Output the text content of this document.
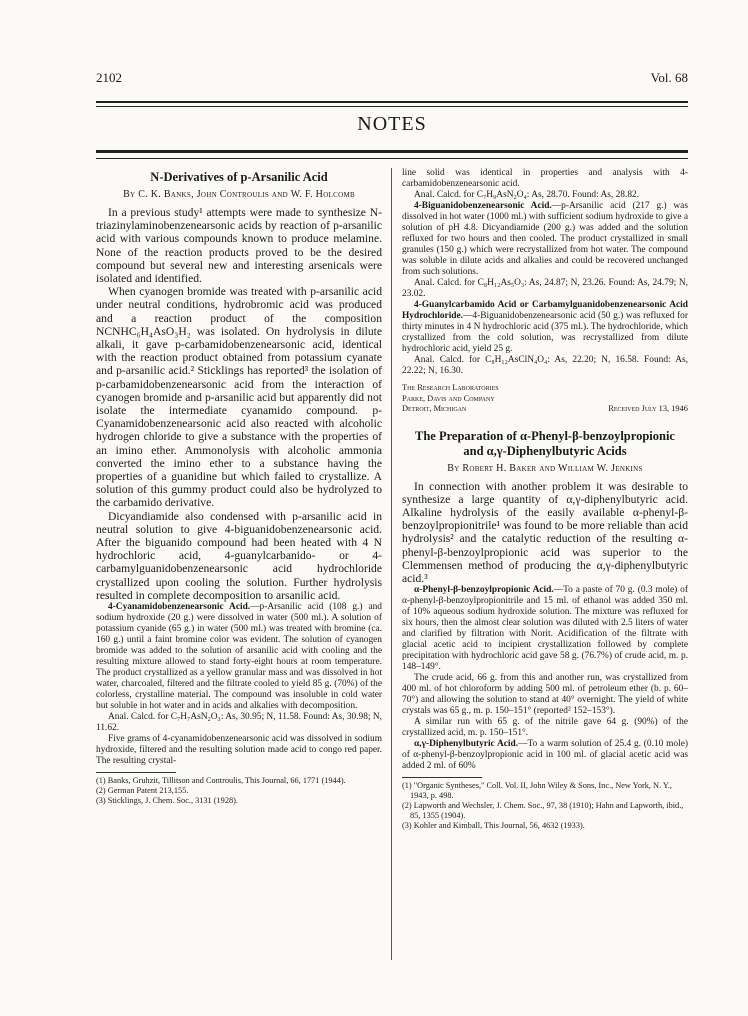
2102	Vol. 68
NOTES
N-Derivatives of p-Arsanilic Acid
By C. K. Banks, John Controulis and W. F. Holcomb

In a previous study¹ attempts were made to synthesize N-triazinylaminobenzenearsonic acids by reaction of p-arsanilic acid with various compounds known to produce melamine. None of the reaction products proved to be the desired compound but several new and interesting arsenicals were isolated and identified.

When cyanogen bromide was treated with p-arsanilic acid under neutral conditions, hydrobromic acid was produced and a reaction product of the composition NCNHC₆H₄AsO₃H₂ was isolated. On hydrolysis in dilute alkali, it gave p-carbamidobenzenearsonic acid, identical with the reaction product obtained from potassium cyanate and p-arsanilic acid.² Sticklings has reported³ the isolation of p-carbamidobenzenearsonic acid from the interaction of cyanogen bromide and p-arsanilic acid but apparently did not isolate the intermediate cyanamido compound. p-Cyanamidobenzenearsonic acid also reacted with alcoholic hydrogen chloride to give a substance with the properties of an imino ether. Ammonolysis with alcoholic ammonia converted the imino ether to a substance having the properties of a guanidine but which failed to crystallize. A solution of this gummy product could also be hydrolyzed to the carbamido derivative.

Dicyandiamide also condensed with p-arsanilic acid in neutral solution to give 4-biguanidobenzenearsonic acid. After the biguanido compound had been heated with 4 N hydrochloric acid, 4-guanylcarbanido- or 4-carbamylguanidobenzenearsonic acid hydrochloride crystallized upon cooling the solution. Further hydrolysis resulted in complete decomposition to arsanilic acid.

4-Cyanamidobenzenearsonic Acid.—p-Arsanilic acid (108 g.) and sodium hydroxide (20 g.) were dissolved in water (500 ml.). A solution of potassium cyanide (65 g.) in water (500 ml.) was treated with bromine (ca. 160 g.) until a faint bromine color was evident. The solution of cyanogen bromide was added to the solution of arsanilic acid with cooling and the resulting mixture allowed to stand forty-eight hours at room temperature. The product crystallized as a yellow granular mass and was dissolved in hot water, charcoaled, filtered and the filtrate cooled to yield 85 g. (70%) of the colorless, crystalline material. The compound was insoluble in cold water but soluble in hot water and in acids and alkalies with decomposition.

Anal. Calcd. for C₇H₇AsN₂O₃: As, 30.95; N, 11.58. Found: As, 30.98; N, 11.62.

Five grams of 4-cyanamidobenzenearsonic acid was dissolved in sodium hydroxide, filtered and the resulting solution made acid to congo red paper. The resulting crystal-

(1) Banks, Gruhzit, Tillitson and Controulis, This Journal, 66, 1771 (1944).

(2) German Patent 213,155.

(3) Sticklings, J. Chem. Soc., 3131 (1928).

line solid was identical in properties and analysis with 4-carbamidobenzenearsonic acid.

Anal. Calcd. for C₇H₉AsN₂O₄: As, 28.70. Found: As, 28.82.

4-Biguanidobenzenearsonic Acid.—p-Arsanilic acid (217 g.) was dissolved in hot water (1000 ml.) with sufficient sodium hydroxide to give a solution of pH 4.8. Dicyandiamide (200 g.) was added and the solution refluxed for two hours and then cooled. The product crystallized in small granules (150 g.) which were recrystallized from hot water. The compound was soluble in dilute acids and alkalies and could be recovered unchanged from such solutions.

Anal. Calcd. for C₈H₁₂As₅O₃: As, 24.87; N, 23.26. Found: As, 24.79; N, 23.02.

4-Guanylcarbamido Acid or Carbamylguanidobenzenearsonic Acid Hydrochloride.—4-Biguanidobenzenearsonic acid (50 g.) was refluxed for thirty minutes in 4 N hydrochloric acid (375 ml.). The hydrochloride, which crystallized from the cold solution, was recrystallized from dilute hydrochloric acid, yield 25 g.

Anal. Calcd. for C₈H₁₂AsClN₄O₄: As, 22.20; N, 16.58. Found: As, 22.22; N, 16.30.

The Research Laboratories
Parke, Davis and Company
Detroit, Michigan	Received July 13, 1946
The Preparation of α-Phenyl-β-benzoylpropionic
and α,γ-Diphenylbutyric Acids
By Robert H. Baker and William W. Jenkins

In connection with another problem it was desirable to synthesize a large quantity of α,γ-diphenylbutyric acid. Alkaline hydrolysis of the easily available α-phenyl-β-benzoylpropionitrile¹ was found to be more reliable than acid hydrolysis² and the catalytic reduction of the resulting α-phenyl-β-benzoylpropionic acid was superior to the Clemmensen method of producing the α,γ-diphenylbutyric acid.³

α-Phenyl-β-benzoylpropionic Acid.—To a paste of 70 g. (0.3 mole) of α-phenyl-β-benzoylpropionitrile and 15 ml. of ethanol was added 350 ml. of 10% aqueous sodium hydroxide solution. The mixture was refluxed for six hours, then the almost clear solution was diluted with 2.5 liters of water and clarified by filtration with Norit. Acidification of the filtrate with glacial acetic acid to incipient crystallization followed by complete precipitation with hydrochloric acid gave 58 g. (76.7%) of crude acid, m. p. 148–149°.

The crude acid, 66 g. from this and another run, was crystallized from 400 ml. of hot chloroform by adding 500 ml. of petroleum ether (b. p. 60–70°) and allowing the solution to stand at 40° overnight. The yield of white crystals was 65 g., m. p. 150–151° (reported² 152–153°).

A similar run with 65 g. of the nitrile gave 64 g. (90%) of the crystallized acid, m. p. 150–151°.

α,γ-Diphenylbutyric Acid.—To a warm solution of 25.4 g. (0.10 mole) of α-phenyl-β-benzoylpropionic acid in 100 ml. of glacial acetic acid was added 2 ml. of 60%

(1) "Organic Syntheses," Coll. Vol. II, John Wiley & Sons, Inc., New York, N. Y., 1943, p. 498.

(2) Lapworth and Wechsler, J. Chem. Soc., 97, 38 (1910); Hahn and Lapworth, ibid., 85, 1355 (1904).

(3) Kohler and Kimball, This Journal, 56, 4632 (1933).
